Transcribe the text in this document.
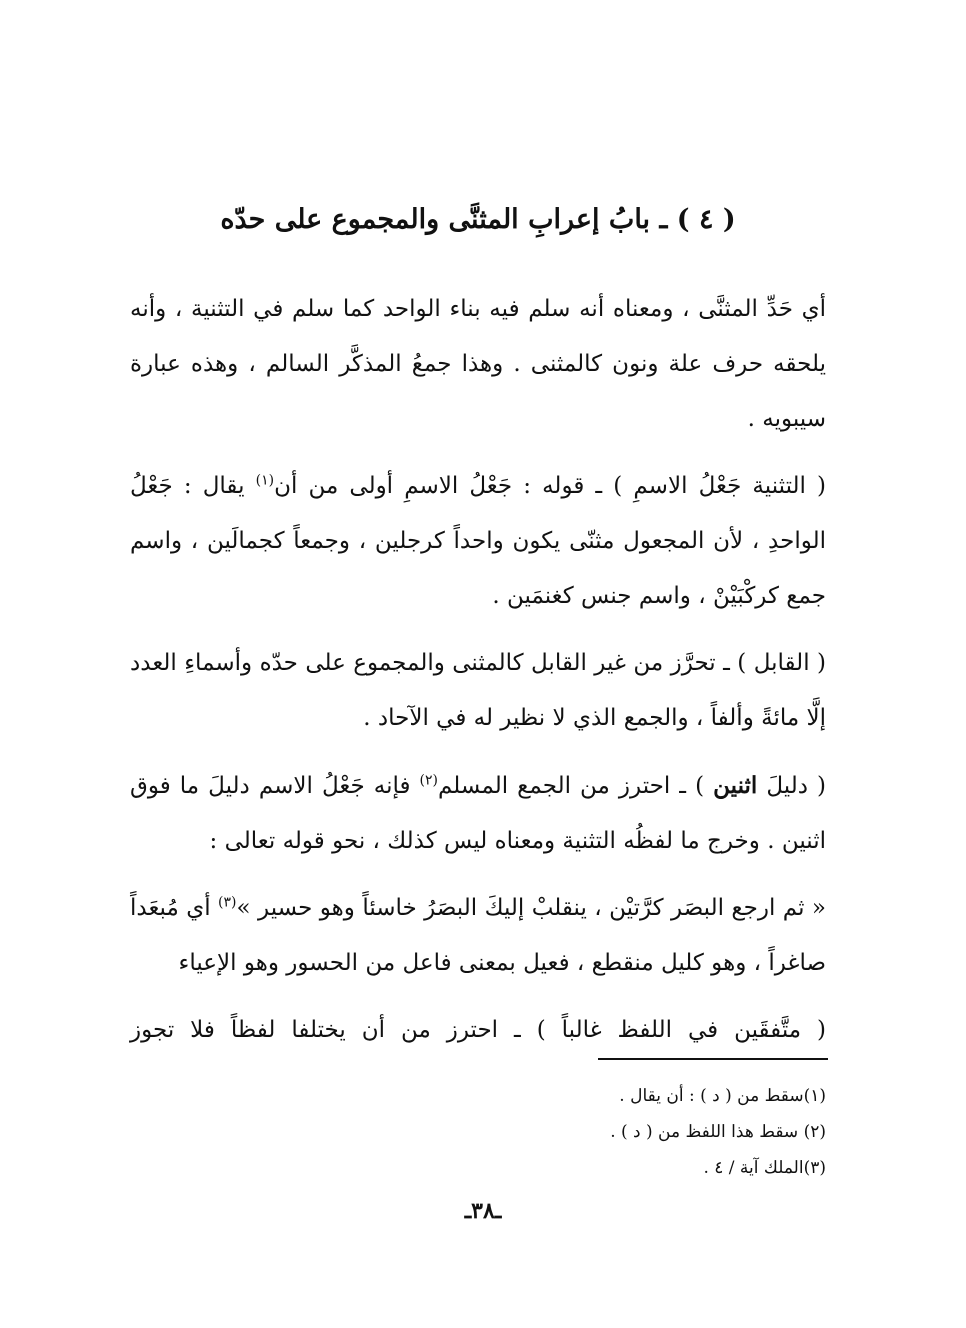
( ٤ ) ـ بابُ إعرابِ المثنَّى والمجموع على حدّه

أي حَدِّ المثنَّى ، ومعناه أنه سلم فيه بناء الواحد كما سلم في التثنية ، وأنه يلحقه حرف علة ونون كالمثنى . وهذا جمعُ المذكَّر السالم ، وهذه عبارة سيبويه .

( التثنية جَعْلُ الاسمِ ) ـ قوله : جَعْلُ الاسمِ أولى من أن$^{(١)}$ يقال : جَعْلُ الواحدِ ، لأن المجعول مثنّى يكون واحداً كرجلين ، وجمعاً كجمالَين ، واسم جمع كركْبَيْنْ ، واسم جنس كغنمَين .

( القابل ) ـ تحرَّز من غير القابل كالمثنى والمجموع على حدّه وأسماءِ العدد إلَّا مائةً وألفاً ، والجمع الذي لا نظير له في الآحاد .

( دليلَ اثنين ) ـ احترز من الجمع المسلم$^{(٢)}$ فإنه جَعْلُ الاسم دليلَ ما فوق اثنين . وخرج ما لفظُه التثنية ومعناه ليس كذلك ، نحو قوله تعالى :

« ثم ارجع البصَر كرَّتيْن ، ينقلبْ إليكَ البصَرُ خاسئاً وهو حسير »$^{(٣)}$ أي مُبعَداً صاغراً ، وهو كليل منقطع ، فعيل بمعنى فاعل من الحسور وهو الإعياء

( متَّفقَين في اللفظ غالباً ) ـ احترز من أن يختلفا لفظاً فلا تجوز

(١)سقط من ( د ) : أن يقال .
(٢) سقط هذا اللفظ من ( د ) .
(٣)الملك آية / ٤ .
ـ٣٨ـ
